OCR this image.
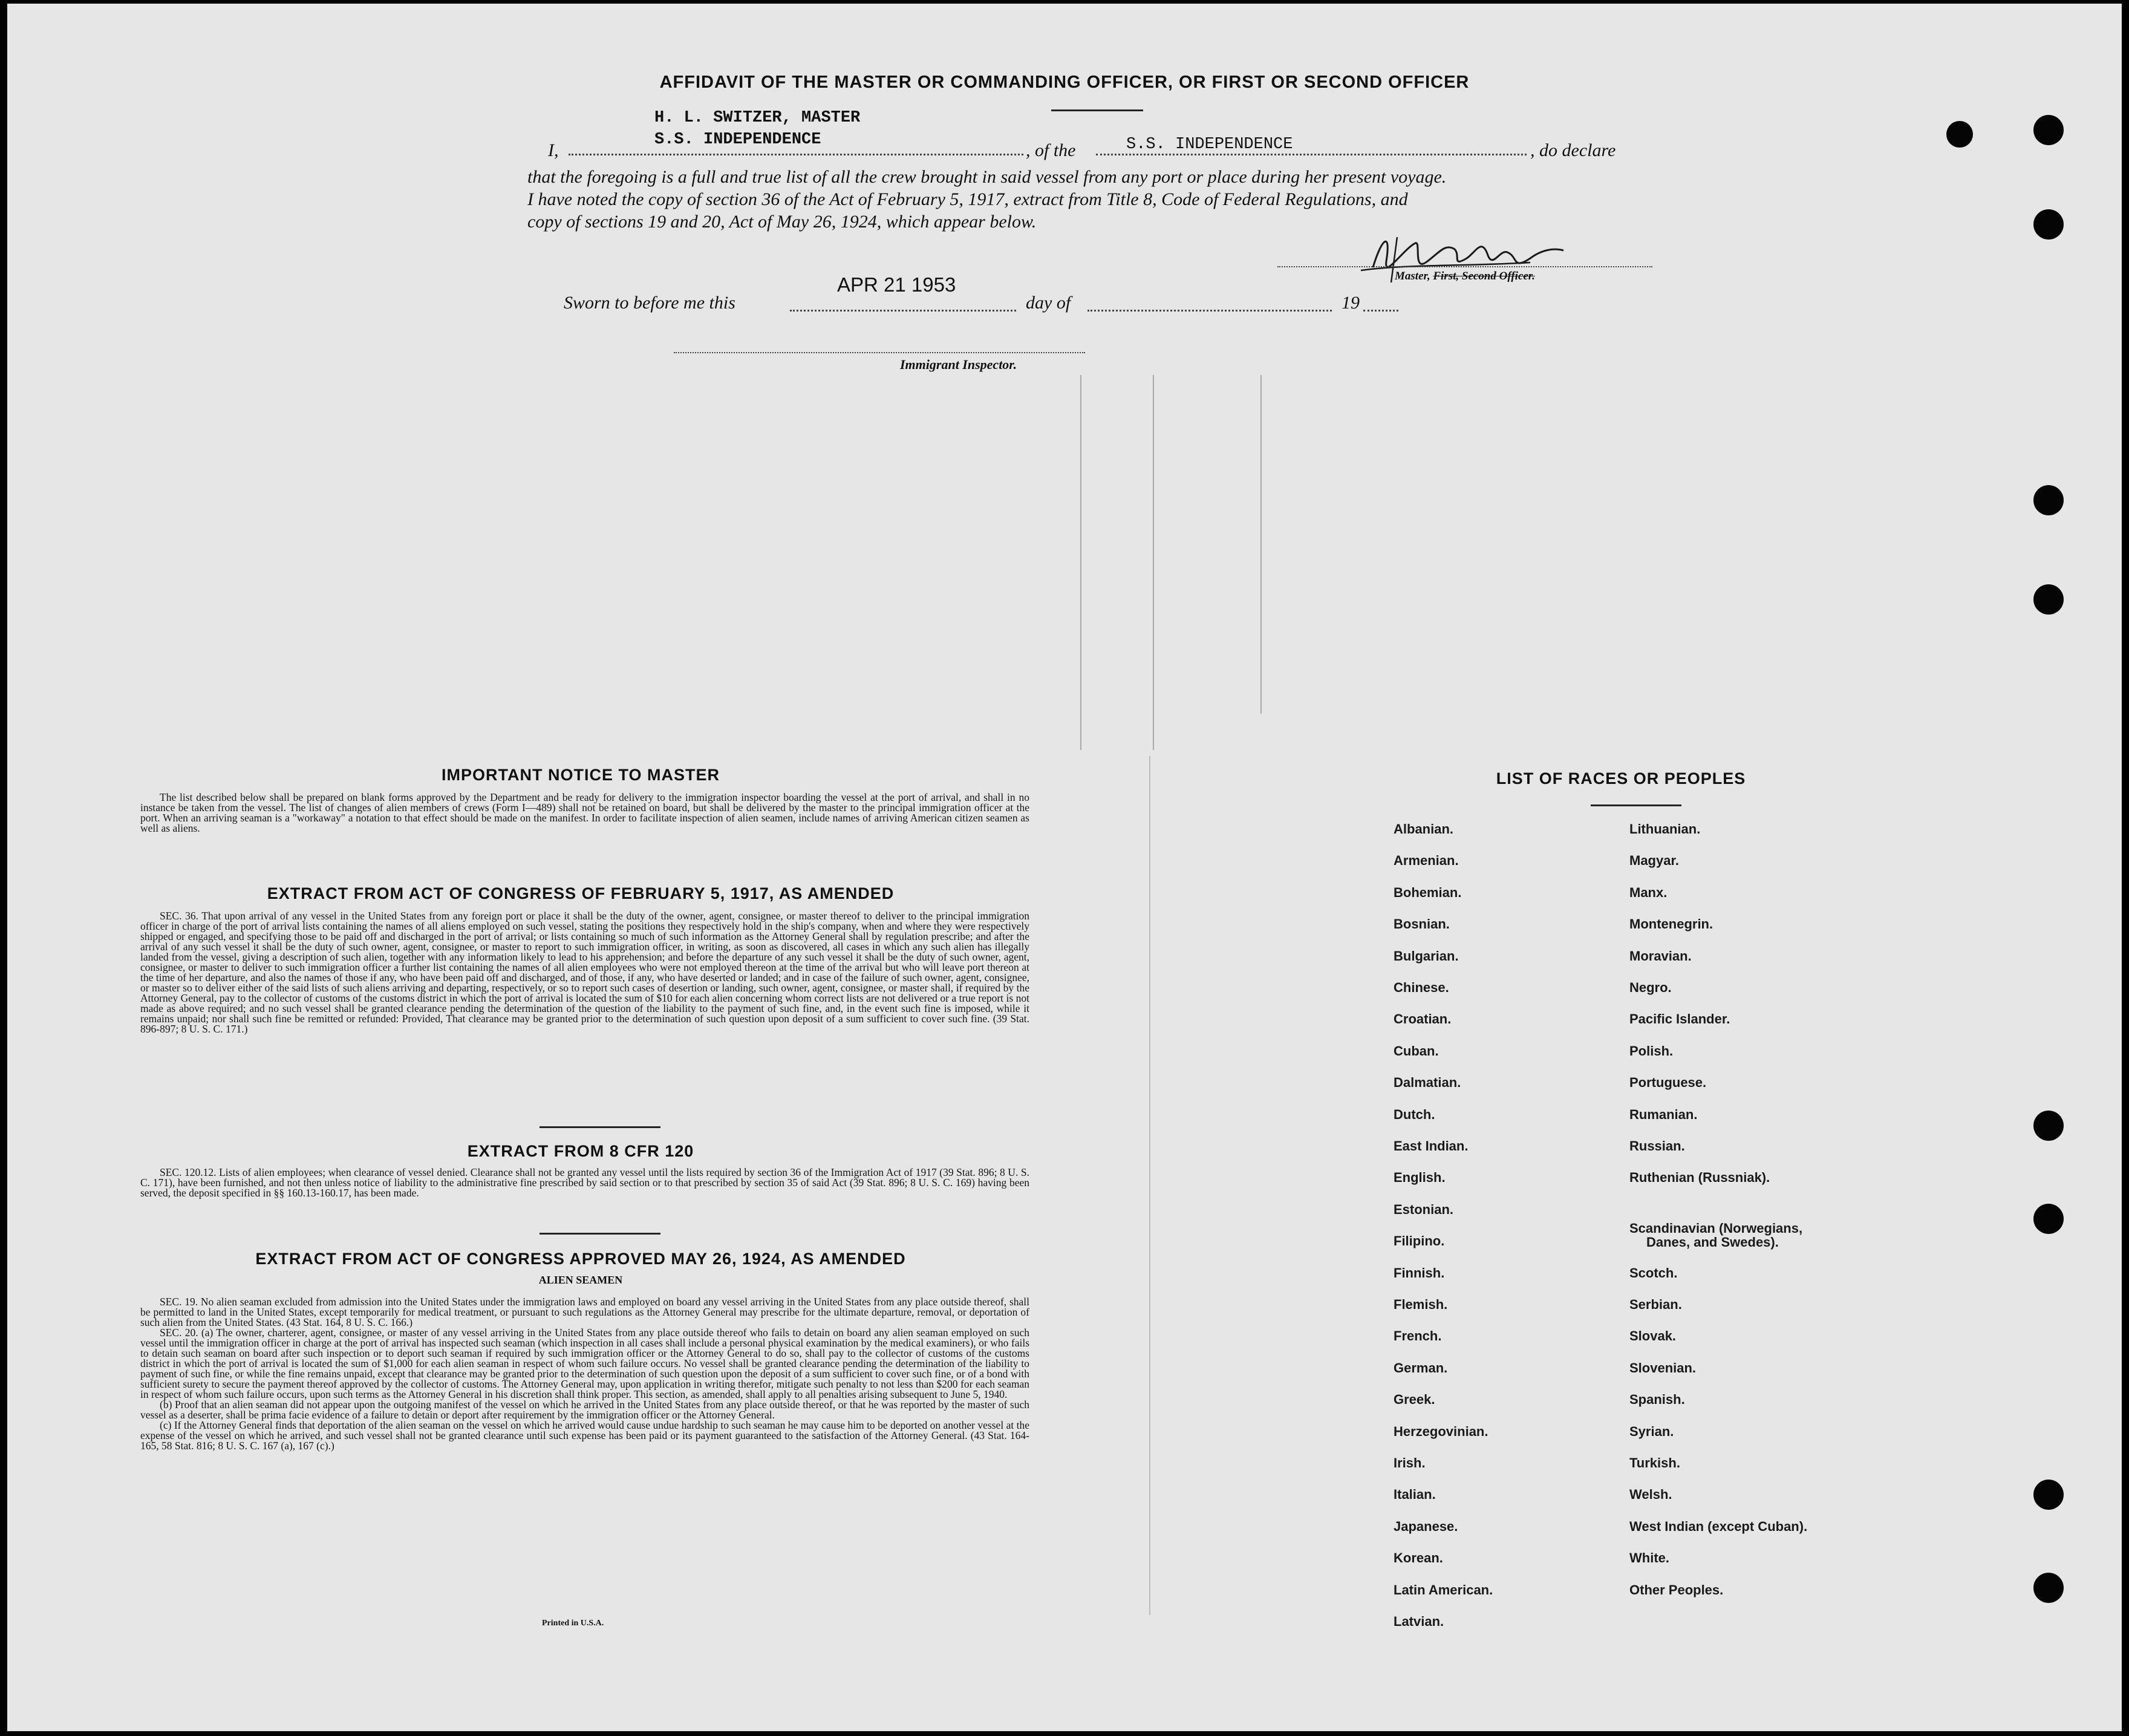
AFFIDAVIT OF THE MASTER OR COMMANDING OFFICER, OR FIRST OR SECOND OFFICER
H. L. SWITZER, MASTER
S.S. INDEPENDENCE
I,	, of the	S.S. INDEPENDENCE	, do declare

that the foregoing is a full and true list of all the crew brought in said vessel from any port or place during her present voyage.

I have noted the copy of section 36 of the Act of February 5, 1917, extract from Title 8, Code of Federal Regulations, and

copy of sections 19 and 20, Act of May 26, 1924, which appear below.

Master, First, Second Officer.
Sworn to before me this
APR 21 1953
day of	19
Immigrant Inspector.
IMPORTANT NOTICE TO MASTER

The list described below shall be prepared on blank forms approved by the Department and be ready for delivery to the immigration inspector boarding the vessel at the port of arrival, and shall in no instance be taken from the vessel. The list of changes of alien members of crews (Form I—489) shall not be retained on board, but shall be delivered by the master to the principal immigration officer at the port. When an arriving seaman is a "workaway" a notation to that effect should be made on the manifest. In order to facilitate inspection of alien seamen, include names of arriving American citizen seamen as well as aliens.

EXTRACT FROM ACT OF CONGRESS OF FEBRUARY 5, 1917, AS AMENDED

SEC. 36. That upon arrival of any vessel in the United States from any foreign port or place it shall be the duty of the owner, agent, consignee, or master thereof to deliver to the principal immigration officer in charge of the port of arrival lists containing the names of all aliens employed on such vessel, stating the positions they respectively hold in the ship's company, when and where they were respectively shipped or engaged, and specifying those to be paid off and discharged in the port of arrival; or lists containing so much of such information as the Attorney General shall by regulation prescribe; and after the arrival of any such vessel it shall be the duty of such owner, agent, consignee, or master to report to such immigration officer, in writing, as soon as discovered, all cases in which any such alien has illegally landed from the vessel, giving a description of such alien, together with any information likely to lead to his apprehension; and before the departure of any such vessel it shall be the duty of such owner, agent, consignee, or master to deliver to such immigration officer a further list containing the names of all alien employees who were not employed thereon at the time of the arrival but who will leave port thereon at the time of her departure, and also the names of those if any, who have been paid off and discharged, and of those, if any, who have deserted or landed; and in case of the failure of such owner, agent, consignee, or master so to deliver either of the said lists of such aliens arriving and departing, respectively, or so to report such cases of desertion or landing, such owner, agent, consignee, or master shall, if required by the Attorney General, pay to the collector of customs of the customs district in which the port of arrival is located the sum of $10 for each alien concerning whom correct lists are not delivered or a true report is not made as above required; and no such vessel shall be granted clearance pending the determination of the question of the liability to the payment of such fine, and, in the event such fine is imposed, while it remains unpaid; nor shall such fine be remitted or refunded: Provided, That clearance may be granted prior to the determination of such question upon deposit of a sum sufficient to cover such fine. (39 Stat. 896-897; 8 U. S. C. 171.)

EXTRACT FROM 8 CFR 120

SEC. 120.12. Lists of alien employees; when clearance of vessel denied. Clearance shall not be granted any vessel until the lists required by section 36 of the Immigration Act of 1917 (39 Stat. 896; 8 U. S. C. 171), have been furnished, and not then unless notice of liability to the administrative fine prescribed by said section or to that prescribed by section 35 of said Act (39 Stat. 896; 8 U. S. C. 169) having been served, the deposit specified in §§ 160.13-160.17, has been made.

EXTRACT FROM ACT OF CONGRESS APPROVED MAY 26, 1924, AS AMENDED
ALIEN SEAMEN

SEC. 19. No alien seaman excluded from admission into the United States under the immigration laws and employed on board any vessel arriving in the United States from any place outside thereof, shall be permitted to land in the United States, except temporarily for medical treatment, or pursuant to such regulations as the Attorney General may prescribe for the ultimate departure, removal, or deportation of such alien from the United States. (43 Stat. 164, 8 U. S. C. 166.)

SEC. 20. (a) The owner, charterer, agent, consignee, or master of any vessel arriving in the United States from any place outside thereof who fails to detain on board any alien seaman employed on such vessel until the immigration officer in charge at the port of arrival has inspected such seaman (which inspection in all cases shall include a personal physical examination by the medical examiners), or who fails to detain such seaman on board after such inspection or to deport such seaman if required by such immigration officer or the Attorney General to do so, shall pay to the collector of customs of the customs district in which the port of arrival is located the sum of $1,000 for each alien seaman in respect of whom such failure occurs. No vessel shall be granted clearance pending the determination of the liability to payment of such fine, or while the fine remains unpaid, except that clearance may be granted prior to the determination of such question upon the deposit of a sum sufficient to cover such fine, or of a bond with sufficient surety to secure the payment thereof approved by the collector of customs. The Attorney General may, upon application in writing therefor, mitigate such penalty to not less than $200 for each seaman in respect of whom such failure occurs, upon such terms as the Attorney General in his discretion shall think proper. This section, as amended, shall apply to all penalties arising subsequent to June 5, 1940.

(b) Proof that an alien seaman did not appear upon the outgoing manifest of the vessel on which he arrived in the United States from any place outside thereof, or that he was reported by the master of such vessel as a deserter, shall be prima facie evidence of a failure to detain or deport after requirement by the immigration officer or the Attorney General.

(c) If the Attorney General finds that deportation of the alien seaman on the vessel on which he arrived would cause undue hardship to such seaman he may cause him to be deported on another vessel at the expense of the vessel on which he arrived, and such vessel shall not be granted clearance until such expense has been paid or its payment guaranteed to the satisfaction of the Attorney General. (43 Stat. 164-165, 58 Stat. 816; 8 U. S. C. 167 (a), 167 (c).)

Printed in U.S.A.
LIST OF RACES OR PEOPLES
Albanian.
Armenian.
Bohemian.
Bosnian.
Bulgarian.
Chinese.
Croatian.
Cuban.
Dalmatian.
Dutch.
East Indian.
English.
Estonian.
Filipino.
Finnish.
Flemish.
French.
German.
Greek.
Herzegovinian.
Irish.
Italian.
Japanese.
Korean.
Latin American.
Latvian.
Lithuanian.
Magyar.
Manx.
Montenegrin.
Moravian.
Negro.
Pacific Islander.
Polish.
Portuguese.
Rumanian.
Russian.
Ruthenian (Russniak).
Scandinavian (Norwegians,
Danes, and Swedes).
Scotch.
Serbian.
Slovak.
Slovenian.
Spanish.
Syrian.
Turkish.
Welsh.
West Indian (except Cuban).
White.
Other Peoples.
